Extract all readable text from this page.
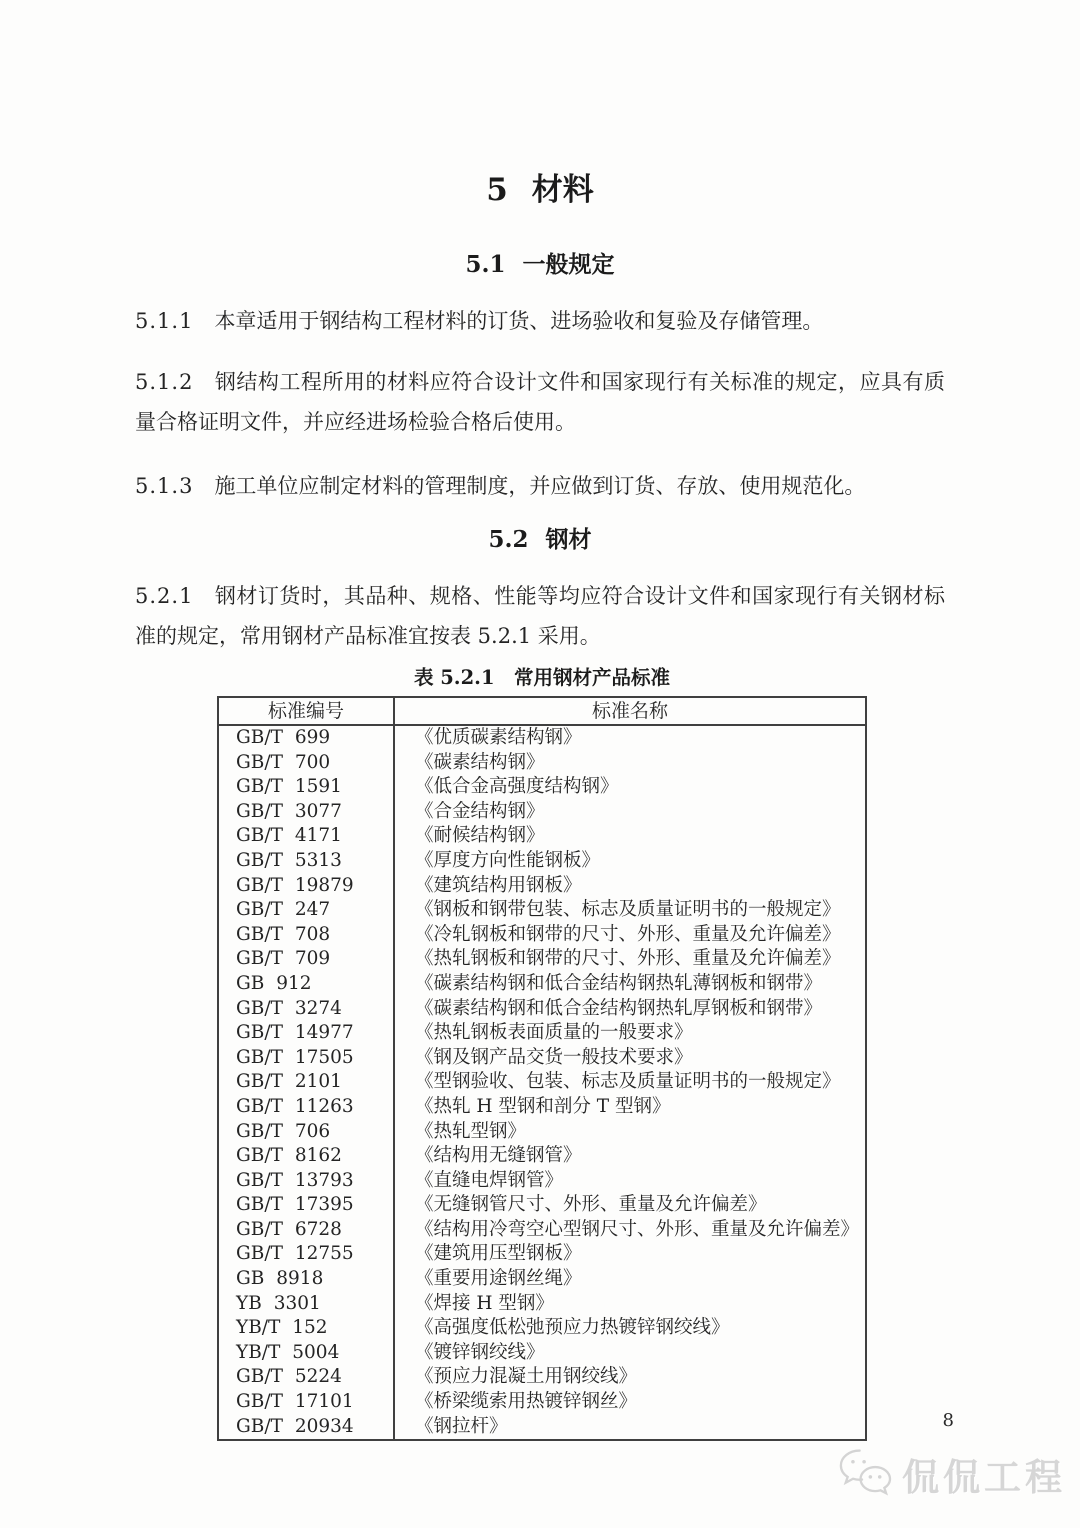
5 材料
5.1 一般规定

5.1.1 本章适用于钢结构工程材料的订货、进场验收和复验及存储管理。

5.1.2 钢结构工程所用的材料应符合设计文件和国家现行有关标准的规定，应具有质量合格证明文件，并应经进场检验合格后使用。

5.1.3 施工单位应制定材料的管理制度，并应做到订货、存放、使用规范化。

5.2 钢材

5.2.1 钢材订货时，其品种、规格、性能等均应符合设计文件和国家现行有关钢材标准的规定，常用钢材产品标准宜按表 5.2.1 采用。

表 5.2.1　常用钢材产品标准
标准编号	标准名称
GB/T 699	《优质碳素结构钢》
GB/T 700	《碳素结构钢》
GB/T 1591	《低合金高强度结构钢》
GB/T 3077	《合金结构钢》
GB/T 4171	《耐候结构钢》
GB/T 5313	《厚度方向性能钢板》
GB/T 19879	《建筑结构用钢板》
GB/T 247	《钢板和钢带包装、标志及质量证明书的一般规定》
GB/T 708	《冷轧钢板和钢带的尺寸、外形、重量及允许偏差》
GB/T 709	《热轧钢板和钢带的尺寸、外形、重量及允许偏差》
GB 912	《碳素结构钢和低合金结构钢热轧薄钢板和钢带》
GB/T 3274	《碳素结构钢和低合金结构钢热轧厚钢板和钢带》
GB/T 14977	《热轧钢板表面质量的一般要求》
GB/T 17505	《钢及钢产品交货一般技术要求》
GB/T 2101	《型钢验收、包装、标志及质量证明书的一般规定》
GB/T 11263	《热轧 H 型钢和剖分 T 型钢》
GB/T 706	《热轧型钢》
GB/T 8162	《结构用无缝钢管》
GB/T 13793	《直缝电焊钢管》
GB/T 17395	《无缝钢管尺寸、外形、重量及允许偏差》
GB/T 6728	《结构用冷弯空心型钢尺寸、外形、重量及允许偏差》
GB/T 12755	《建筑用压型钢板》
GB 8918	《重要用途钢丝绳》
YB 3301	《焊接 H 型钢》
YB/T 152	《高强度低松弛预应力热镀锌钢绞线》
YB/T 5004	《镀锌钢绞线》
GB/T 5224	《预应力混凝土用钢绞线》
GB/T 17101	《桥梁缆索用热镀锌钢丝》
GB/T 20934	《钢拉杆》	8
侃侃工程
